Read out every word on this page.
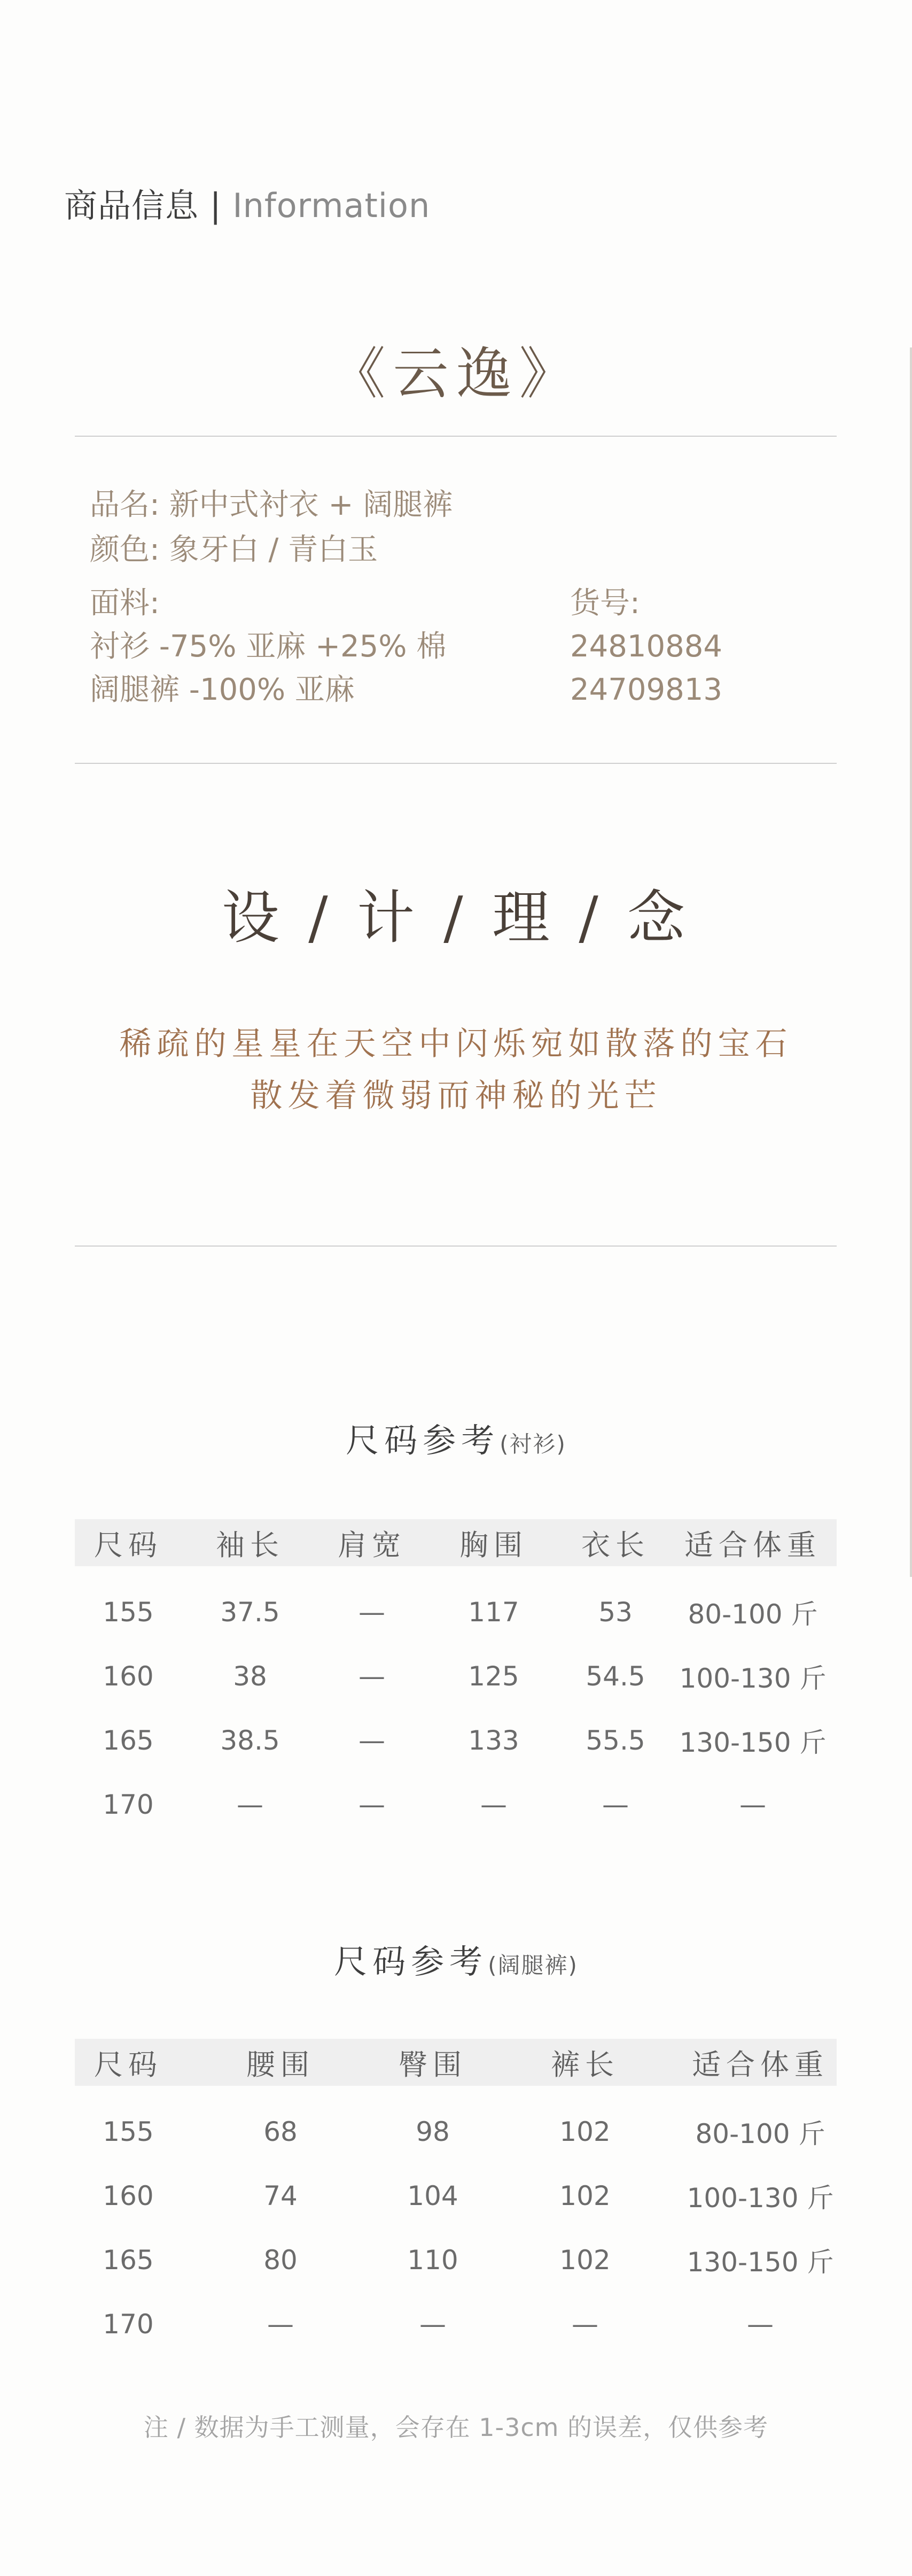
商品信息 | Information
《云逸》
品名: 新中式衬衣 + 阔腿裤
颜色: 象牙白 / 青白玉
面料:
衬衫 -75% 亚麻 +25% 棉
阔腿裤 -100% 亚麻
货号:
24810884
24709813
设 / 计 / 理 / 念
稀疏的星星在天空中闪烁宛如散落的宝石
散发着微弱而神秘的光芒
尺码参考(衬衫)
尺码	袖长	肩宽	胸围	衣长	适合体重
155	37.5	—	117	53	80-100 斤
160	38	—	125	54.5	100-130 斤
165	38.5	—	133	55.5	130-150 斤
170	—	—	—	—	—
尺码参考(阔腿裤)
尺码	腰围	臀围	裤长	适合体重
155	68	98	102	80-100 斤
160	74	104	102	100-130 斤
165	80	110	102	130-150 斤
170	—	—	—	—
注 / 数据为手工测量，会存在 1-3cm 的误差，仅供参考
